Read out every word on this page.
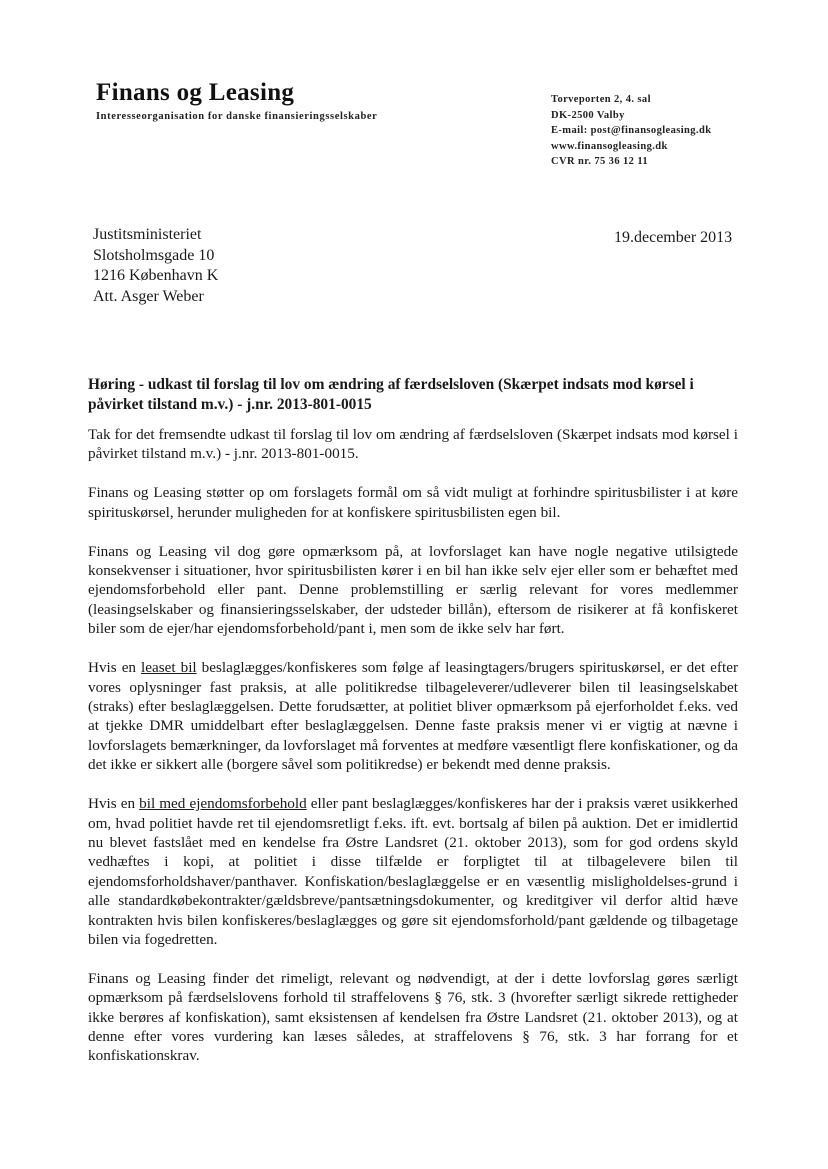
Finans og Leasing
Interesseorganisation for danske finansieringsselskaber
Torveporten 2, 4. sal
DK-2500 Valby
E-mail: post@finansogleasing.dk
www.finansogleasing.dk
CVR nr. 75 36 12 11
Justitsministeriet
Slotsholmsgade 10
1216 København K
Att. Asger Weber
19.december 2013
Høring - udkast til forslag til lov om ændring af færdselsloven (Skærpet indsats mod kørsel i påvirket tilstand m.v.) - j.nr. 2013-801-0015

Tak for det fremsendte udkast til forslag til lov om ændring af færdselsloven (Skærpet indsats mod kørsel i påvirket tilstand m.v.) - j.nr. 2013-801-0015.

Finans og Leasing støtter op om forslagets formål om så vidt muligt at forhindre spiritusbilister i at køre spirituskørsel, herunder muligheden for at konfiskere spiritusbilisten egen bil.

Finans og Leasing vil dog gøre opmærksom på, at lovforslaget kan have nogle negative utilsigtede konsekvenser i situationer, hvor spiritusbilisten kører i en bil han ikke selv ejer eller som er behæftet med ejendomsforbehold eller pant. Denne problemstilling er særlig relevant for vores medlemmer (leasingselskaber og finansieringsselskaber, der udsteder billån), eftersom de risikerer at få konfiskeret biler som de ejer/har ejendomsforbehold/pant i, men som de ikke selv har ført.

Hvis en leaset bil beslaglægges/konfiskeres som følge af leasingtagers/brugers spirituskørsel, er det efter vores oplysninger fast praksis, at alle politikredse tilbageleverer/udleverer bilen til leasingselskabet (straks) efter beslaglæggelsen. Dette forudsætter, at politiet bliver opmærksom på ejerforholdet f.eks. ved at tjekke DMR umiddelbart efter beslaglæggelsen. Denne faste praksis mener vi er vigtig at nævne i lovforslagets bemærkninger, da lovforslaget må forventes at medføre væsentligt flere konfiskationer, og da det ikke er sikkert alle (borgere såvel som politikredse) er bekendt med denne praksis.

Hvis en bil med ejendomsforbehold eller pant beslaglægges/konfiskeres har der i praksis været usikkerhed om, hvad politiet havde ret til ejendomsretligt f.eks. ift. evt. bortsalg af bilen på auktion. Det er imidlertid nu blevet fastslået med en kendelse fra Østre Landsret (21. oktober 2013), som for god ordens skyld vedhæftes i kopi, at politiet i disse tilfælde er forpligtet til at tilbagelevere bilen til ejendomsforholdshaver/panthaver. Konfiskation/beslaglæggelse er en væsentlig misligholdelses-grund i alle standardkøbekontrakter/gældsbreve/pantsætningsdokumenter, og kreditgiver vil derfor altid hæve kontrakten hvis bilen konfiskeres/beslaglægges og gøre sit ejendomsforhold/pant gældende og tilbagetage bilen via fogedretten.

Finans og Leasing finder det rimeligt, relevant og nødvendigt, at der i dette lovforslag gøres særligt opmærksom på færdselslovens forhold til straffelovens § 76, stk. 3 (hvorefter særligt sikrede rettigheder ikke berøres af konfiskation), samt eksistensen af kendelsen fra Østre Landsret (21. oktober 2013), og at denne efter vores vurdering kan læses således, at straffelovens § 76, stk. 3 har forrang for et konfiskationskrav.
